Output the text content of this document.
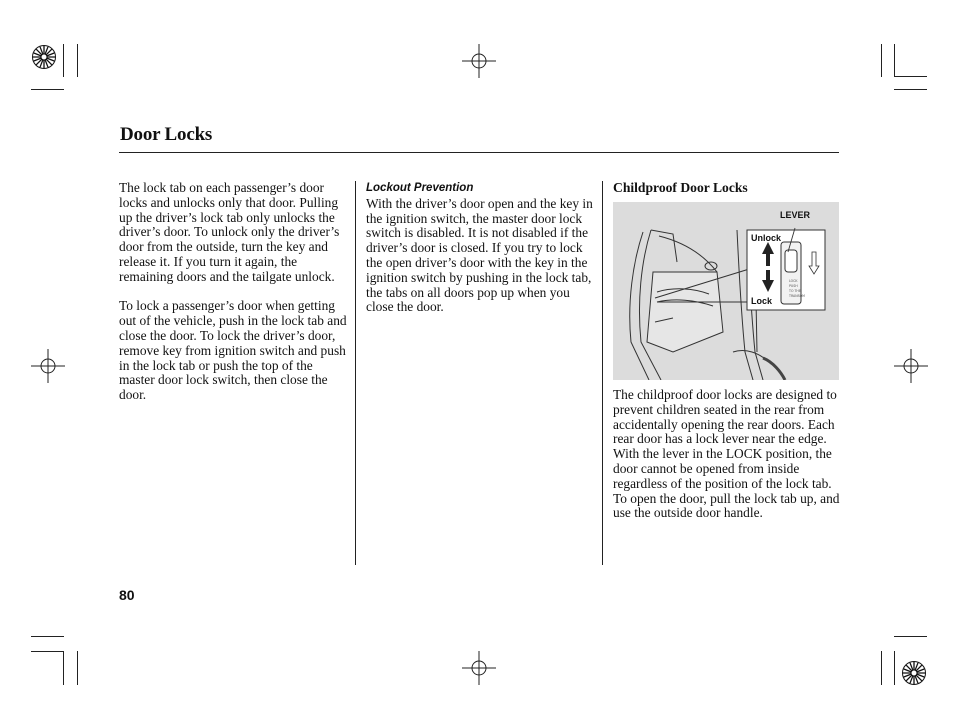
Door Locks

The lock tab on each passenger’s door locks and unlocks only that door. Pulling up the driver’s lock tab only unlocks the driver’s door. To unlock only the driver’s door from the outside, turn the key and release it. If you turn it again, the remaining doors and the tailgate unlock.

To lock a passenger’s door when getting out of the vehicle, push in the lock tab and close the door. To lock the driver’s door, remove key from ignition switch and push in the lock tab or push the top of the master door lock switch, then close the door.

Lockout Prevention

With the driver’s door open and the key in the ignition switch, the master door lock switch is disabled. It is not disabled if the driver’s door is closed. If you try to lock the open driver’s door with the key in the ignition switch by pushing in the lock tab, the tabs on all doors pop up when you close the door.

Childproof Door Locks
LOCK
PUSH
TO THE
TRANSOM
LEVER
Unlock
Lock

The childproof door locks are designed to prevent children seated in the rear from accidentally opening the rear doors. Each rear door has a lock lever near the edge. With the lever in the LOCK position, the door cannot be opened from inside regardless of the position of the lock tab. To open the door, pull the lock tab up, and use the outside door handle.

80
